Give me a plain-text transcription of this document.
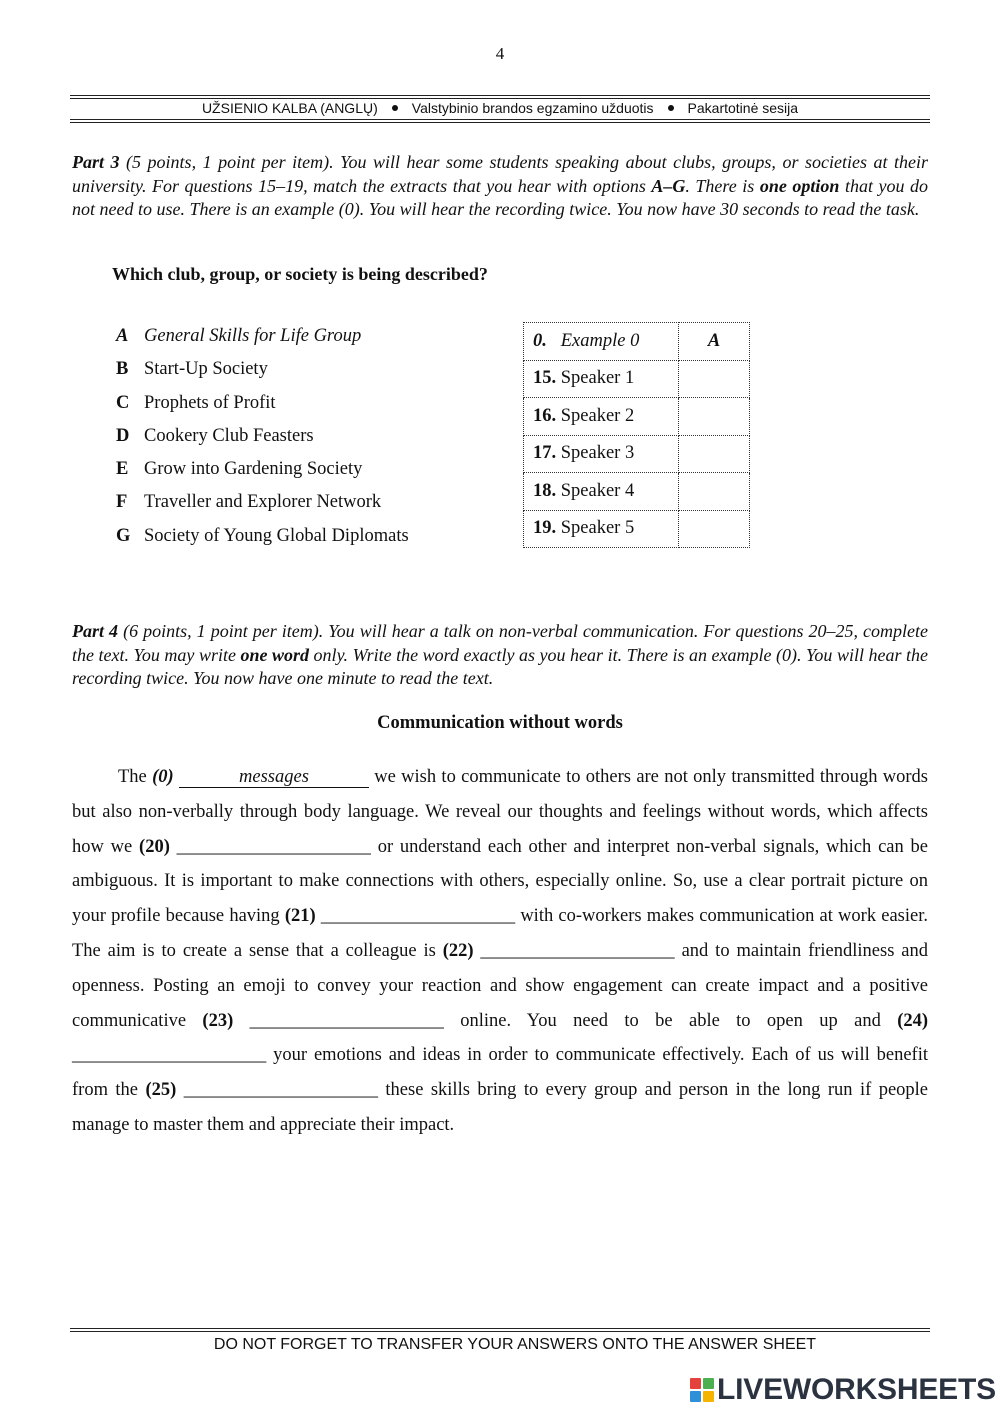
4
UŽSIENIO KALBA (ANGLŲ) Valstybinio brandos egzamino užduotis Pakartotinė sesija
Part 3 (5 points, 1 point per item). You will hear some students speaking about clubs, groups, or societies at their university. For questions 15–19, match the extracts that you hear with options A–G. There is one option that you do not need to use. There is an example (0). You will hear the recording twice. You now have 30 seconds to read the task.
Which club, group, or society is being described?
A General Skills for Life Group
B Start-Up Society
C Prophets of Profit
D Cookery Club Feasters
E Grow into Gardening Society
F Traveller and Explorer Network
G Society of Young Global Diplomats
0. Example 0	A
15. Speaker 1	
16. Speaker 2	
17. Speaker 3	
18. Speaker 4	
19. Speaker 5	
Part 4 (6 points, 1 point per item). You will hear a talk on non-verbal communication. For questions 20–25, complete the text. You may write one word only. Write the word exactly as you hear it. There is an example (0). You will hear the recording twice. You now have one minute to read the text.
Communication without words
The (0)	messages	we wish to communicate to others are not only transmitted through words but also non-verbally through body language. We reveal our thoughts and feelings without words, which affects how we (20) _____________________ or understand each other and interpret non-verbal signals, which can be ambiguous. It is important to make connections with others, especially online. So, use a clear portrait picture on your profile because having (21) _____________________ with co-workers makes communication at work easier. The aim is to create a sense that a colleague is (22) _____________________ and to maintain friendliness and openness. Posting an emoji to convey your reaction and show engagement can create impact and a positive communicative (23) _____________________ online. You need to be able to open up and (24) _____________________ your emotions and ideas in order to communicate effectively. Each of us will benefit from the (25) _____________________ these skills bring to every group and person in the long run if people manage to master them and appreciate their impact.
DO NOT FORGET TO TRANSFER YOUR ANSWERS ONTO THE ANSWER SHEET
LIVEWORKSHEETS
